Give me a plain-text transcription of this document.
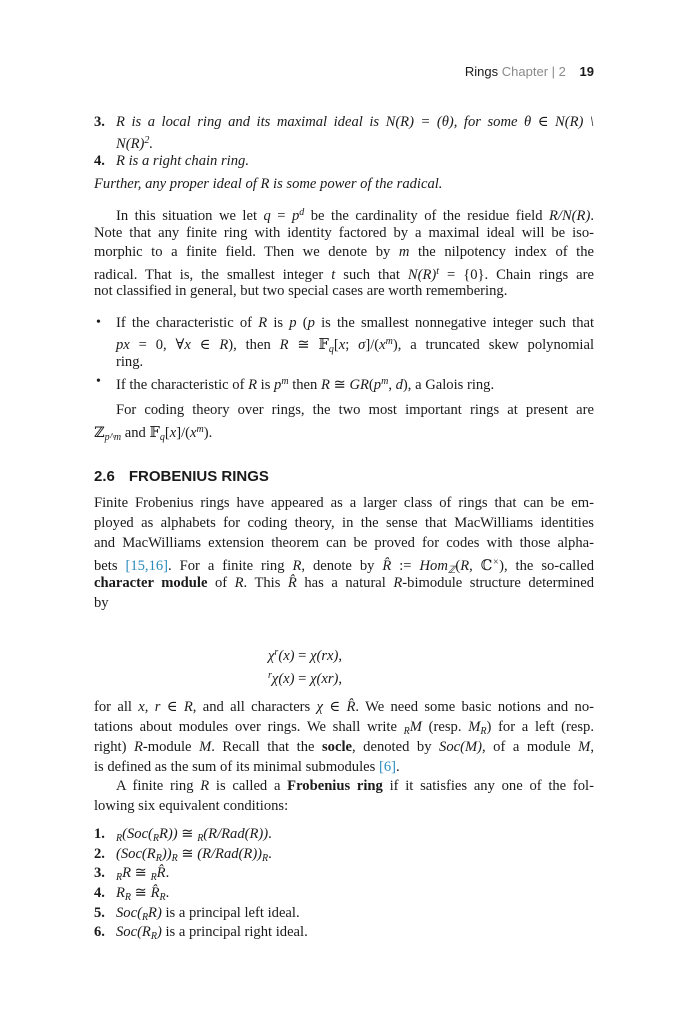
Rings Chapter | 2 19
2.6 FROBENIUS RINGS
R is a local ring and its maximal ideal is N(R) = (θ), for some θ ∈ N(R) \
$N(R)^2$.
R is a right chain ring.
Further, any proper ideal of R is some power of the radical.
In this situation we let $q = p^d$ be the cardinality of the residue field R/N(R).
Note that any finite ring with identity factored by a maximal ideal will be iso-
morphic to a finite field. Then we denote by m the nilpotency index of the
radical. That is, the smallest integer t such that $N(R)^t = \{0\}$. Chain rings are
not classified in general, but two special cases are worth remembering.
If the characteristic of R is p (p is the smallest nonnegative integer such that
px = 0, ∀x ∈ R), then R ≅ 𝔽$_q$[x; $\sigma]/(x^m)$, a truncated skew polynomial
ring.
If the characteristic of R is $p^m$ then R ≅ $GR(p^m$, d), a Galois ring.
For coding theory over rings, the two most important rings at present are
ℤ$_{p\^{}m}$ and $𝔽_q[x]/(x^m)$.
Finite Frobenius rings have appeared as a larger class of rings that can be em-
ployed as alphabets for coding theory, in the sense that MacWilliams identities
and MacWilliams extension theorem can be proved for codes with those alpha-
bets [15,16]. For a finite ring R, denote by R̂ := Hom$_ℤ$(R, ℂ×), the so-called
character module of R. This R̂ has a natural R-bimodule structure determined
by
$\chi^r(x) = \chi(rx)$,
$^r$χ(x) = χ(xr),
for all x, r ∈ R, and all characters χ ∈ R̂. We need some basic notions and no-
tations about modules over rings. We shall write $_R$M (resp. $M_R$) for a left (resp.
right) R-module M. Recall that the socle, denoted by Soc(M), of a module M,
is defined as the sum of its minimal submodules [6].
A finite ring R is called a Frobenius ring if it satisfies any one of the fol-
lowing six equivalent conditions:
$_R(Soc(_RR))$ ≅ $_R$(R/Rad(R)).
$(Soc(R_R))_R$ ≅ $(R/Rad(R))_R$.
$_R$R ≅ $_R$R̂.
$R_R$ ≅ $R̂_R$.
$Soc(_RR)$ is a principal left ideal.
$Soc(R_R)$ is a principal right ideal.
3.
4.
1.
2.
3.
4.
5.
6.
•
•
